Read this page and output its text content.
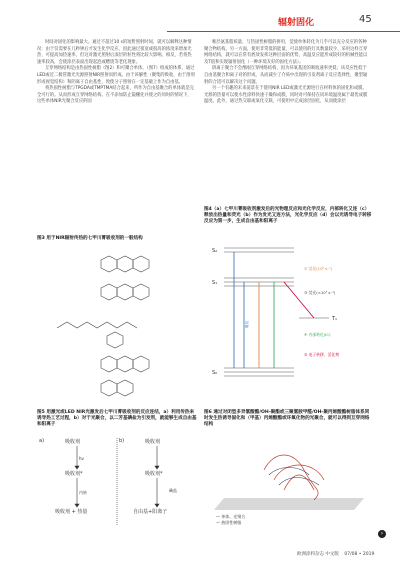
辐射固化	45

时间对固化的影响最大。通过不超过10 s的短暂照射时间，就可以解释这种情况：由于仅需要在几秒钟后才发生化学反应，因此通过很宽或很高的浓度来增加光热、可提高加热速率，但这对激光照射后深层的粒性将比较大影响。相反，若将热速率较高，会使涂层表面出现起泡或燃烧等老化现象。

互穿网络结构是由热固性树脂（图2）和可聚合单体。（图7）组成的体系，通过LED或近二极管激光光源照射NIR照射而形成。由于该解性（聚集的吸收，由于溶剂形成视觉结构）和阴离子自由基性，致使分子照射在一定基础上作为自由基。

将热固性树脂与TPGDA或TMPTMA结合起来，所作为自由基聚合的单体就是完全可行的。从而形成互穿网络结构。在不添加防止镜棚化并使之的同时的情况下，这些单体NIR光聚合反应的固

唯层氨基脂质量，与热固性树脂的拼用，觉使单体转化为几乎可以充分反应的各种聚合物结构。另一方面，使用非常低的能量，可以使用的灯具数量较少，采用这样互穿网络结构，就可以在常有底效发挥这种层面的优势，高温反应能形成较好的机械性能以及T值和实现辐射固化（一种环境友好的固化方法）。

阴离子聚合不会像刚互穿网络结构，因为环氧基团的吸收速率更低；该反应性低于自由基聚合和离子对的形成，从而减少了介质中出现的引发剂离子反应选择性，聚型辐射的合适可以解决这个问题。

另一个有趣的未来前景在于使用NIR LED或激光光源进行在材料体的固化和成膜。光源的热量可以使水性涂料快速干燥和成膜，同时对可保持在同环境温度属于最优成膜温度。此外，通过热交联或氧化交联，可使用中完成涂层固化，从而使涂层

图3 用于NIR辐射传热的七甲川菁吸收剂的一般结构
图4（a）七甲川菁吸收剂激发后的光物理反应和光化学反应，内部转化又连（c）释放出热量和荧光（b）作为发光又连方法，光化学反应（d）会以光诱导电子转移反应为第一步，生成自由基和阳离子
S₂
S₁
T₁
S₀
吸收
② 荧光(10⁸ s⁻¹)
③ 荧光(<10⁹ s⁻¹)
④ 内部转化(IC)
⑤ 电子转移、活化剂
图5 用激光或LED NIR光激发后七甲川菁吸收剂的反应连结，a）利用传热来诱导热工艺过程，b）对于光聚合，以二芳基碘盐为引发剂，就能够生成自由基和阳离子
a)	吸收剂
hν
吸收剂*
内转
吸收剂 + 热量
b)	吸收剂
吸收剂*
碘盐
自由基+阳离子
图6 通过对闭型多异氰酸酯/OH-聚酯或三聚氰胺甲醛/OH-聚丙烯酸酯树脂体系同时发生热诱导固化和（甲基）丙烯酸酯或环氧化物的光聚合，就可以得到互穿网络结构
— 单体、光聚合
— 热固性树脂
›
欧洲涂料杂志 中文版 07/08 • 2019
